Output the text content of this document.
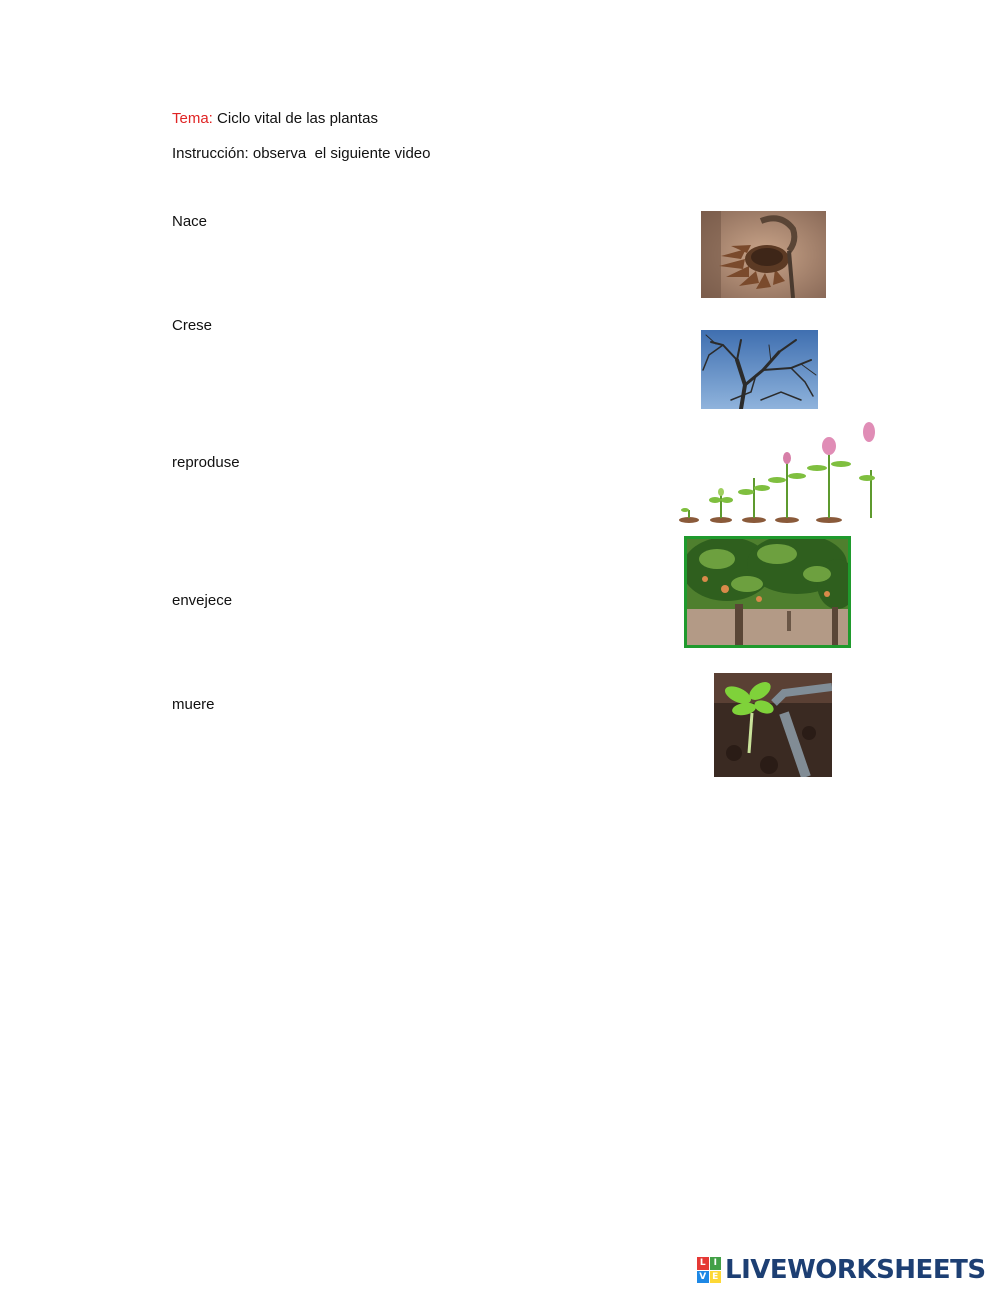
Tema: Ciclo vital de las plantas
Instrucción: observa  el siguiente video
Nace
Crese
reproduse
envejece
muere
L I
V E LIVEWORKSHEETS
